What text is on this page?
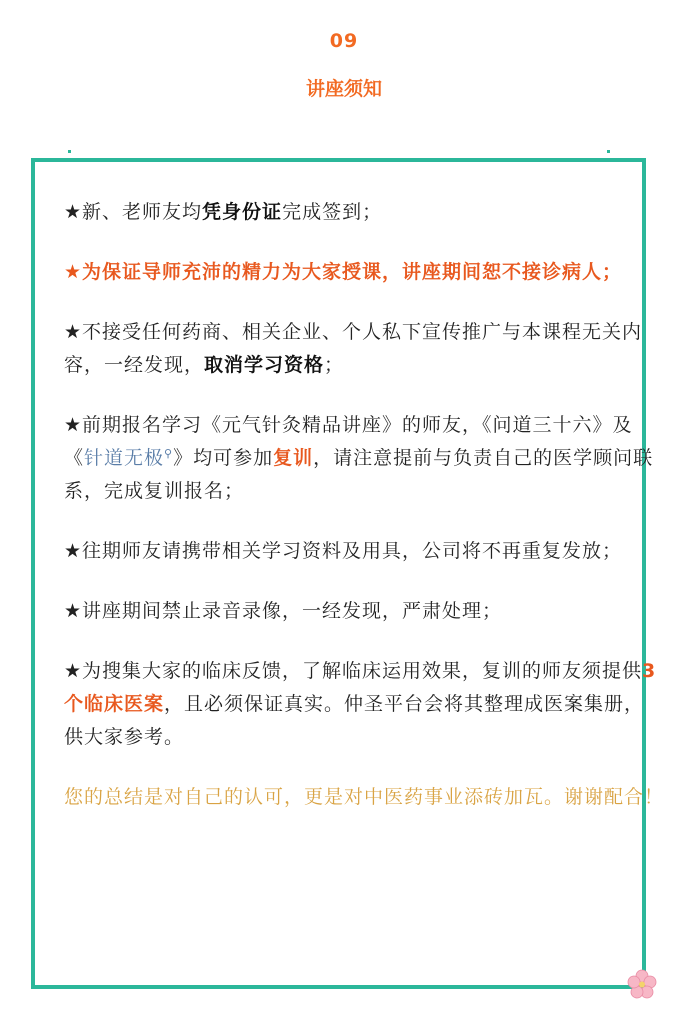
09
讲座须知

★新、老师友均凭身份证完成签到；

★为保证导师充沛的精力为大家授课，讲座期间恕不接诊病人；

★不接受任何药商、相关企业、个人私下宣传推广与本课程无关内容，一经发现，取消学习资格；

★前期报名学习《元气针灸精品讲座》的师友，《问道三十六》及《针道无极⚲》均可参加复训，请注意提前与负责自己的医学顾问联系，完成复训报名；

★往期师友请携带相关学习资料及用具，公司将不再重复发放；

★讲座期间禁止录音录像，一经发现，严肃处理；

★为搜集大家的临床反馈，了解临床运用效果，复训的师友须提供3个临床医案，且必须保证真实。仲圣平台会将其整理成医案集册，供大家参考。

您的总结是对自己的认可，更是对中医药事业添砖加瓦。谢谢配合！
